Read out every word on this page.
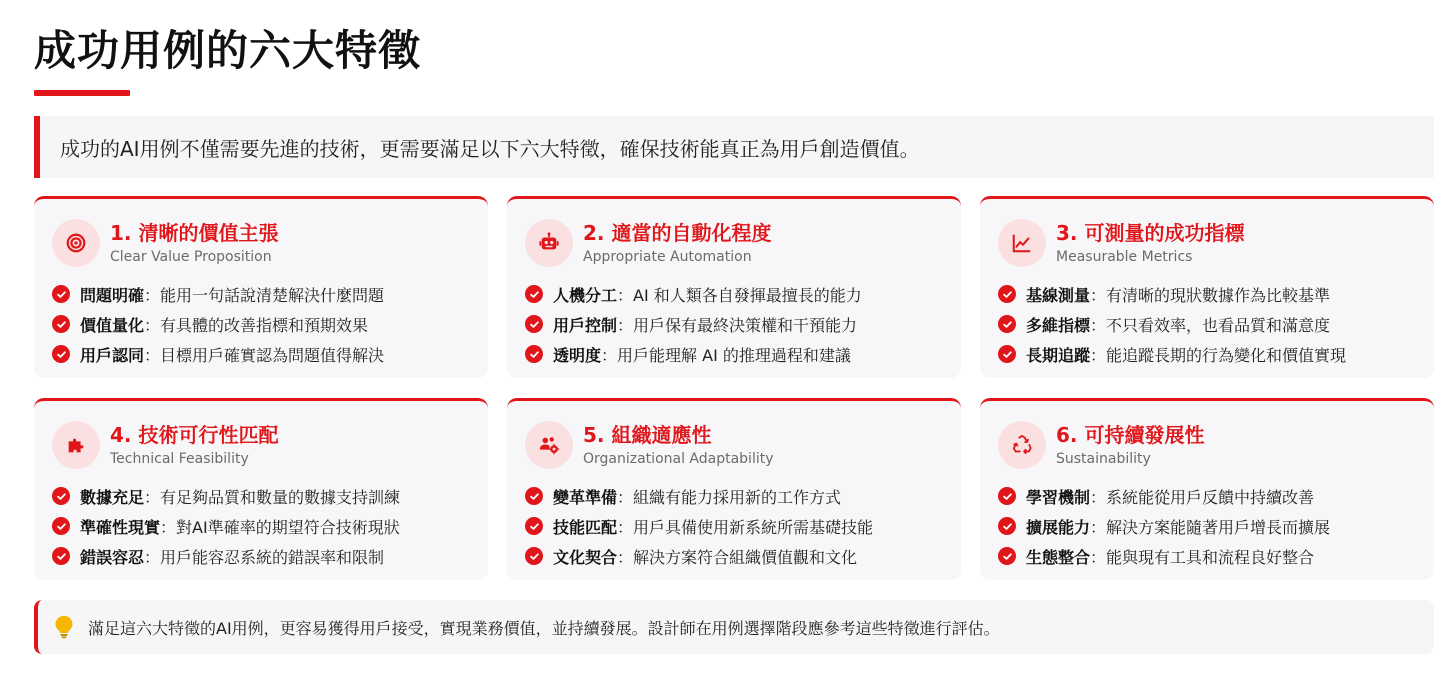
成功用例的六大特徵
成功的AI用例不僅需要先進的技術，更需要滿足以下六大特徵，確保技術能真正為用戶創造價值。
1. 清晰的價值主張
Clear Value Proposition
問題明確 ： 能用一句話說清楚解決什麼問題
價值量化 ： 有具體的改善指標和預期效果
用戶認同 ： 目標用戶確實認為問題值得解決
2. 適當的自動化程度
Appropriate Automation
人機分工 ： AI 和人類各自發揮最擅長的能力
用戶控制 ： 用戶保有最終決策權和干預能力
透明度 ： 用戶能理解 AI 的推理過程和建議
3. 可測量的成功指標
Measurable Metrics
基線測量 ： 有清晰的現狀數據作為比較基準
多維指標 ： 不只看效率，也看品質和滿意度
長期追蹤 ： 能追蹤長期的行為變化和價值實現
4. 技術可行性匹配
Technical Feasibility
數據充足 ： 有足夠品質和數量的數據支持訓練
準確性現實 ： 對AI準確率的期望符合技術現狀
錯誤容忍 ： 用戶能容忍系統的錯誤率和限制
5. 組織適應性
Organizational Adaptability
變革準備 ： 組織有能力採用新的工作方式
技能匹配 ： 用戶具備使用新系統所需基礎技能
文化契合 ： 解決方案符合組織價值觀和文化
6. 可持續發展性
Sustainability
學習機制 ： 系統能從用戶反饋中持續改善
擴展能力 ： 解決方案能隨著用戶增長而擴展
生態整合 ： 能與現有工具和流程良好整合
滿足這六大特徵的AI用例，更容易獲得用戶接受，實現業務價值，並持續發展。設計師在用例選擇階段應參考這些特徵進行評估。
